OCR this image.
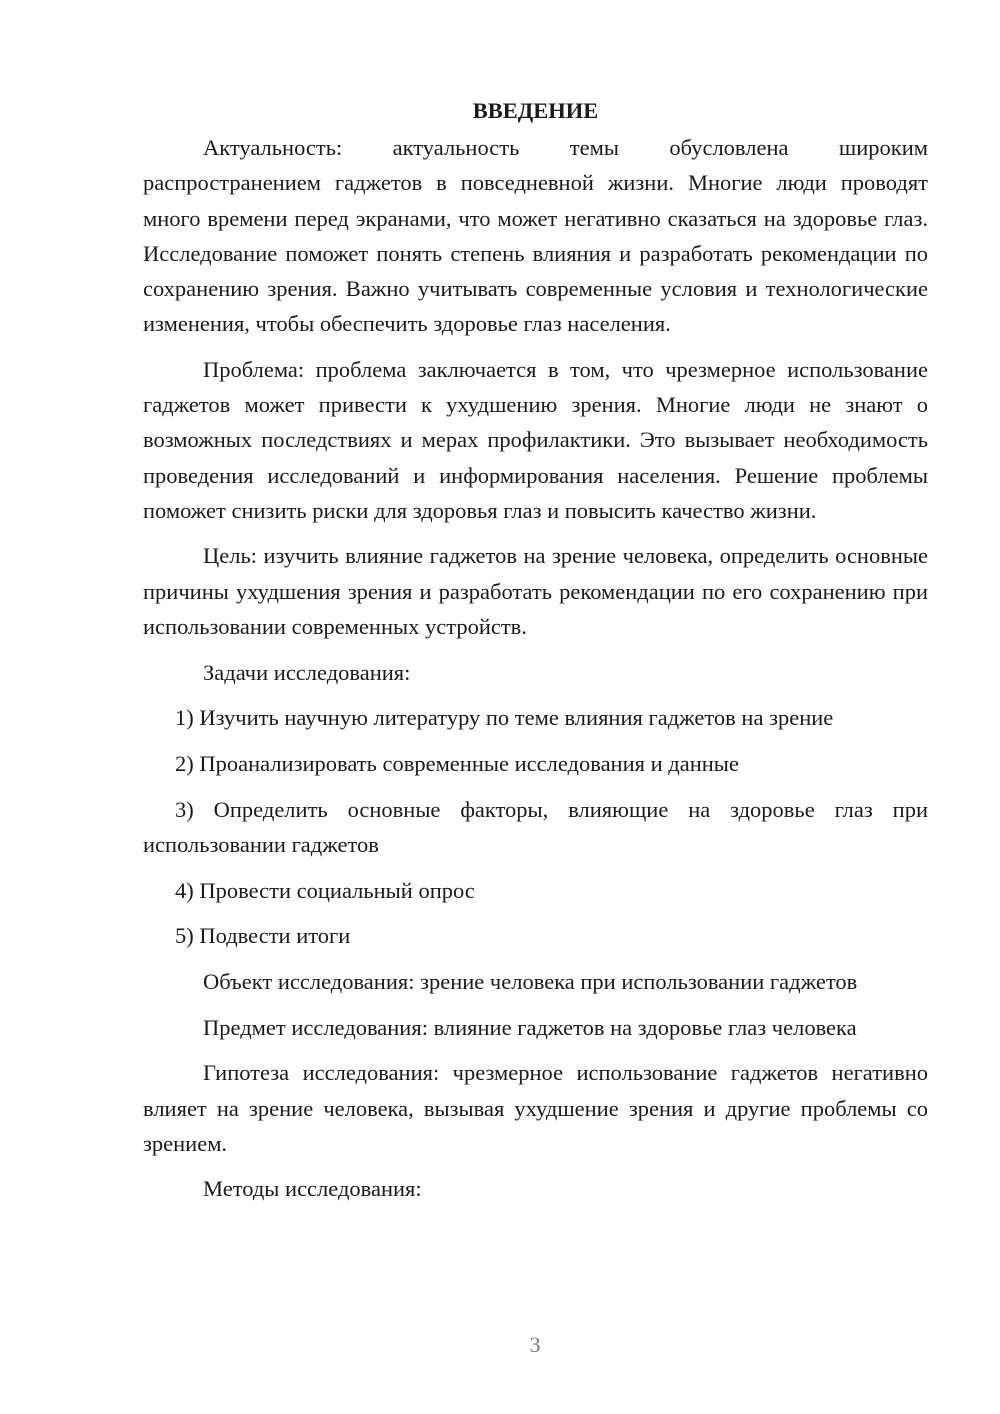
ВВЕДЕНИЕ

Актуальность: актуальность темы обусловлена широким распространением гаджетов в повседневной жизни. Многие люди проводят много времени перед экранами, что может негативно сказаться на здоровье глаз. Исследование поможет понять степень влияния и разработать рекомендации по сохранению зрения. Важно учитывать современные условия и технологические изменения, чтобы обеспечить здоровье глаз населения.

Проблема: проблема заключается в том, что чрезмерное использование гаджетов может привести к ухудшению зрения. Многие люди не знают о возможных последствиях и мерах профилактики. Это вызывает необходимость проведения исследований и информирования населения. Решение проблемы поможет снизить риски для здоровья глаз и повысить качество жизни.

Цель: изучить влияние гаджетов на зрение человека, определить основные причины ухудшения зрения и разработать рекомендации по его сохранению при использовании современных устройств.

Задачи исследования:

1) Изучить научную литературу по теме влияния гаджетов на зрение

2) Проанализировать современные исследования и данные

3) Определить основные факторы, влияющие на здоровье глаз при использовании гаджетов

4) Провести социальный опрос

5) Подвести итоги

Объект исследования: зрение человека при использовании гаджетов

Предмет исследования: влияние гаджетов на здоровье глаз человека

Гипотеза исследования: чрезмерное использование гаджетов негативно влияет на зрение человека, вызывая ухудшение зрения и другие проблемы со зрением.

Методы исследования:

3
